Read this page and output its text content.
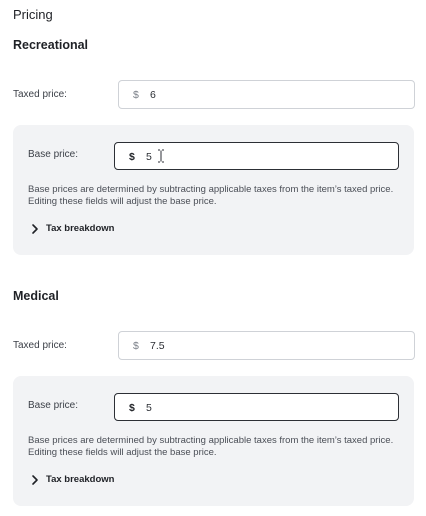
Pricing
Recreational
Taxed price:	$ 6
Base price:	$ 5
Base prices are determined by subtracting applicable taxes from the item’s taxed price. Editing these fields will adjust the base price.
Tax breakdown
Medical
Taxed price:	$ 7.5
Base price:	$ 5
Base prices are determined by subtracting applicable taxes from the item’s taxed price. Editing these fields will adjust the base price.
Tax breakdown
